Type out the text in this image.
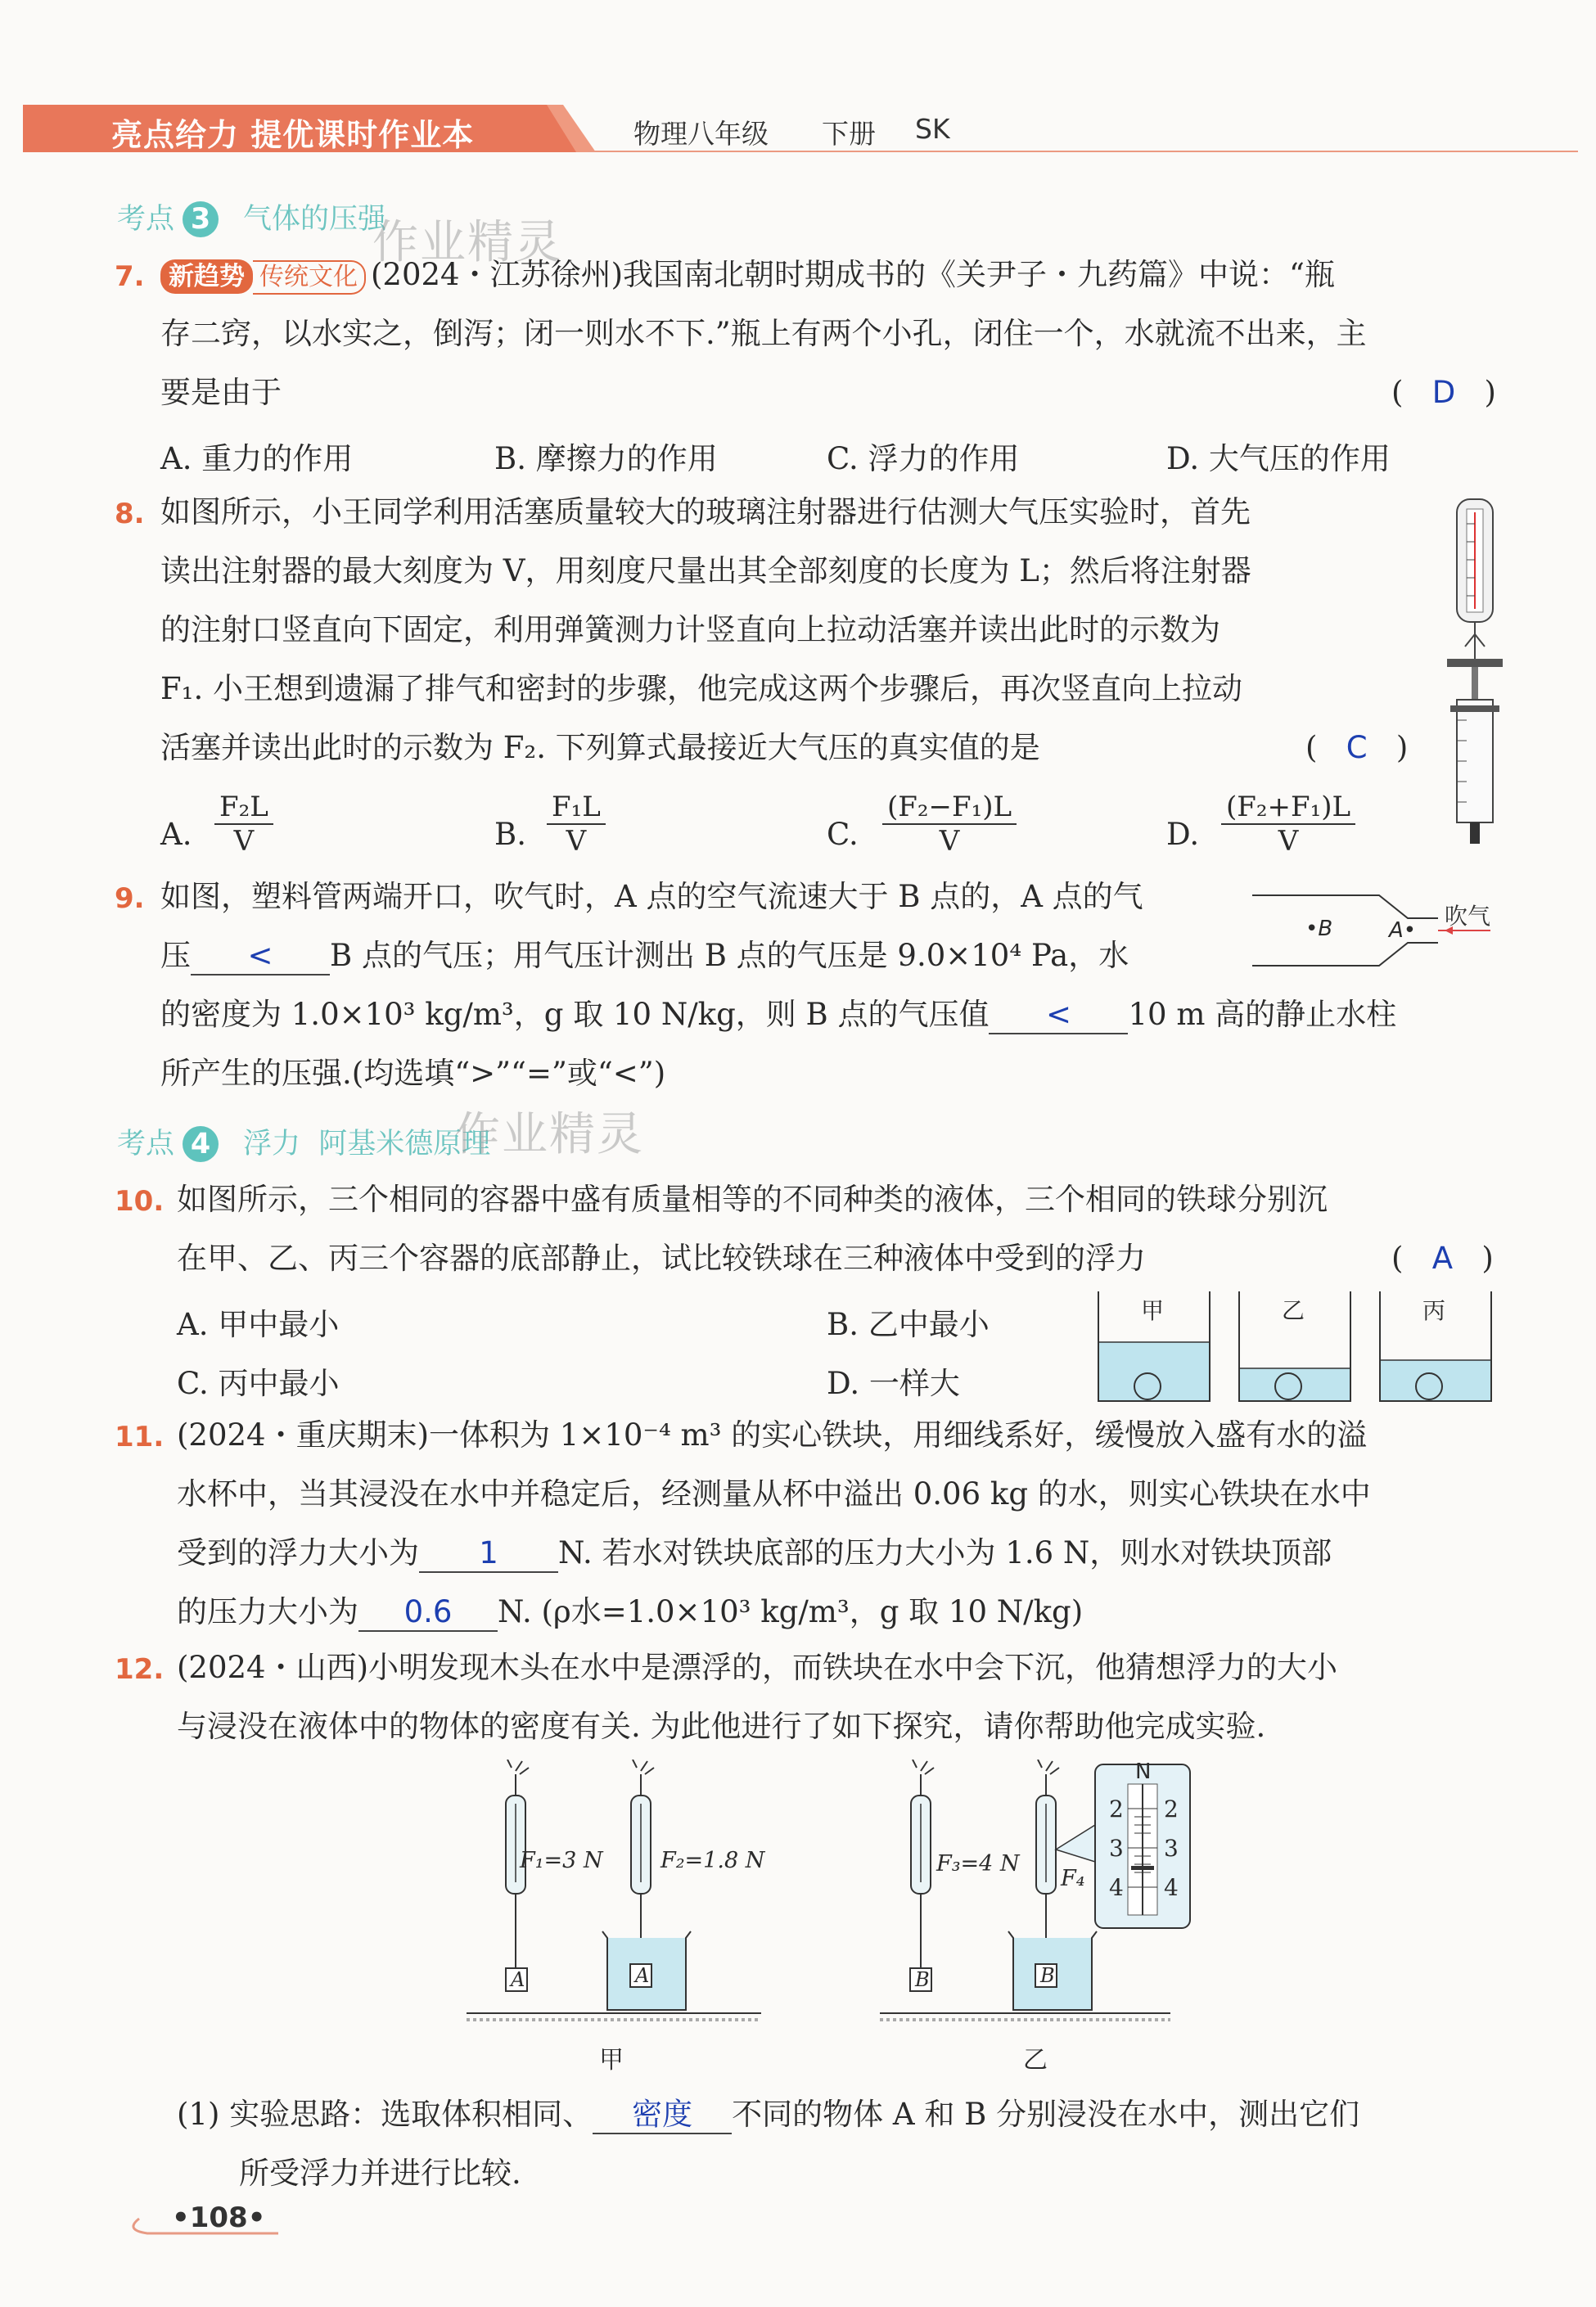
亮点给力 提优课时作业本	物理八年级 下册 SK
考点 3 气体的压强
作业精灵
7. 新趋势 传统文化 (2024・江苏徐州)我国南北朝时期成书的《关尹子・九药篇》中说：“瓶
存二窍，以水实之，倒泻；闭一则水不下.”瓶上有两个小孔，闭住一个，水就流不出来，主
要是由于	(   D   )
A. 重力的作用	B. 摩擦力的作用	C. 浮力的作用	D. 大气压的作用
8. 如图所示，小王同学利用活塞质量较大的玻璃注射器进行估测大气压实验时，首先
读出注射器的最大刻度为 V，用刻度尺量出其全部刻度的长度为 L；然后将注射器
的注射口竖直向下固定，利用弹簧测力计竖直向上拉动活塞并读出此时的示数为
F₁. 小王想到遗漏了排气和密封的步骤，他完成这两个步骤后，再次竖直向上拉动
活塞并读出此时的示数为 F₂. 下列算式最接近大气压的真实值的是	(   C   )
A. $\frac{\text{F₂L}}{V}$	B. $\frac{\text{F₁L}}{V}$	C. $\frac{\text{(F₂−F₁)L}}{V}$	D. $\frac{\text{(F₂+F₁)L}}{V}$
9. 如图，塑料管两端开口，吹气时，A 点的空气流速大于 B 点的，A 点的气
压 < B 点的气压；用气压计测出 B 点的气压是 9.0×10⁴ Pa，水
的密度为 1.0×10³ kg/m³，g 取 10 N/kg，则 B 点的气压值 < 10 m 高的静止水柱
所产生的压强.(均选填“>”“=”或“<”)
•B	A•
吹气
考点 4 浮力  阿基米德原理
作业精灵
10. 如图所示，三个相同的容器中盛有质量相等的不同种类的液体，三个相同的铁球分别沉
在甲、乙、丙三个容器的底部静止，试比较铁球在三种液体中受到的浮力	(   A   )
A. 甲中最小	B. 乙中最小
C. 丙中最小	D. 一样大
甲	乙	丙
11. (2024・重庆期末)一体积为 1×10⁻⁴ m³ 的实心铁块，用细线系好，缓慢放入盛有水的溢
水杯中，当其浸没在水中并稳定后，经测量从杯中溢出 0.06 kg 的水，则实心铁块在水中
受到的浮力大小为 1 N. 若水对铁块底部的压力大小为 1.6 N，则水对铁块顶部
的压力大小为 0.6 N. (ρ水=1.0×10³ kg/m³，g 取 10 N/kg)
12. (2024・山西)小明发现木头在水中是漂浮的，而铁块在水中会下沉，他猜想浮力的大小
与浸没在液体中的物体的密度有关. 为此他进行了如下探究，请你帮助他完成实验.
F₁=3 N	F₂=1.8 N	F₃=4 N
F₄
A	A	B	B
N
2
3
4
2
3
4
甲	乙
(1) 实验思路：选取体积相同、 密度 不同的物体 A 和 B 分别浸没在水中，测出它们
所受浮力并进行比较.
•108•
